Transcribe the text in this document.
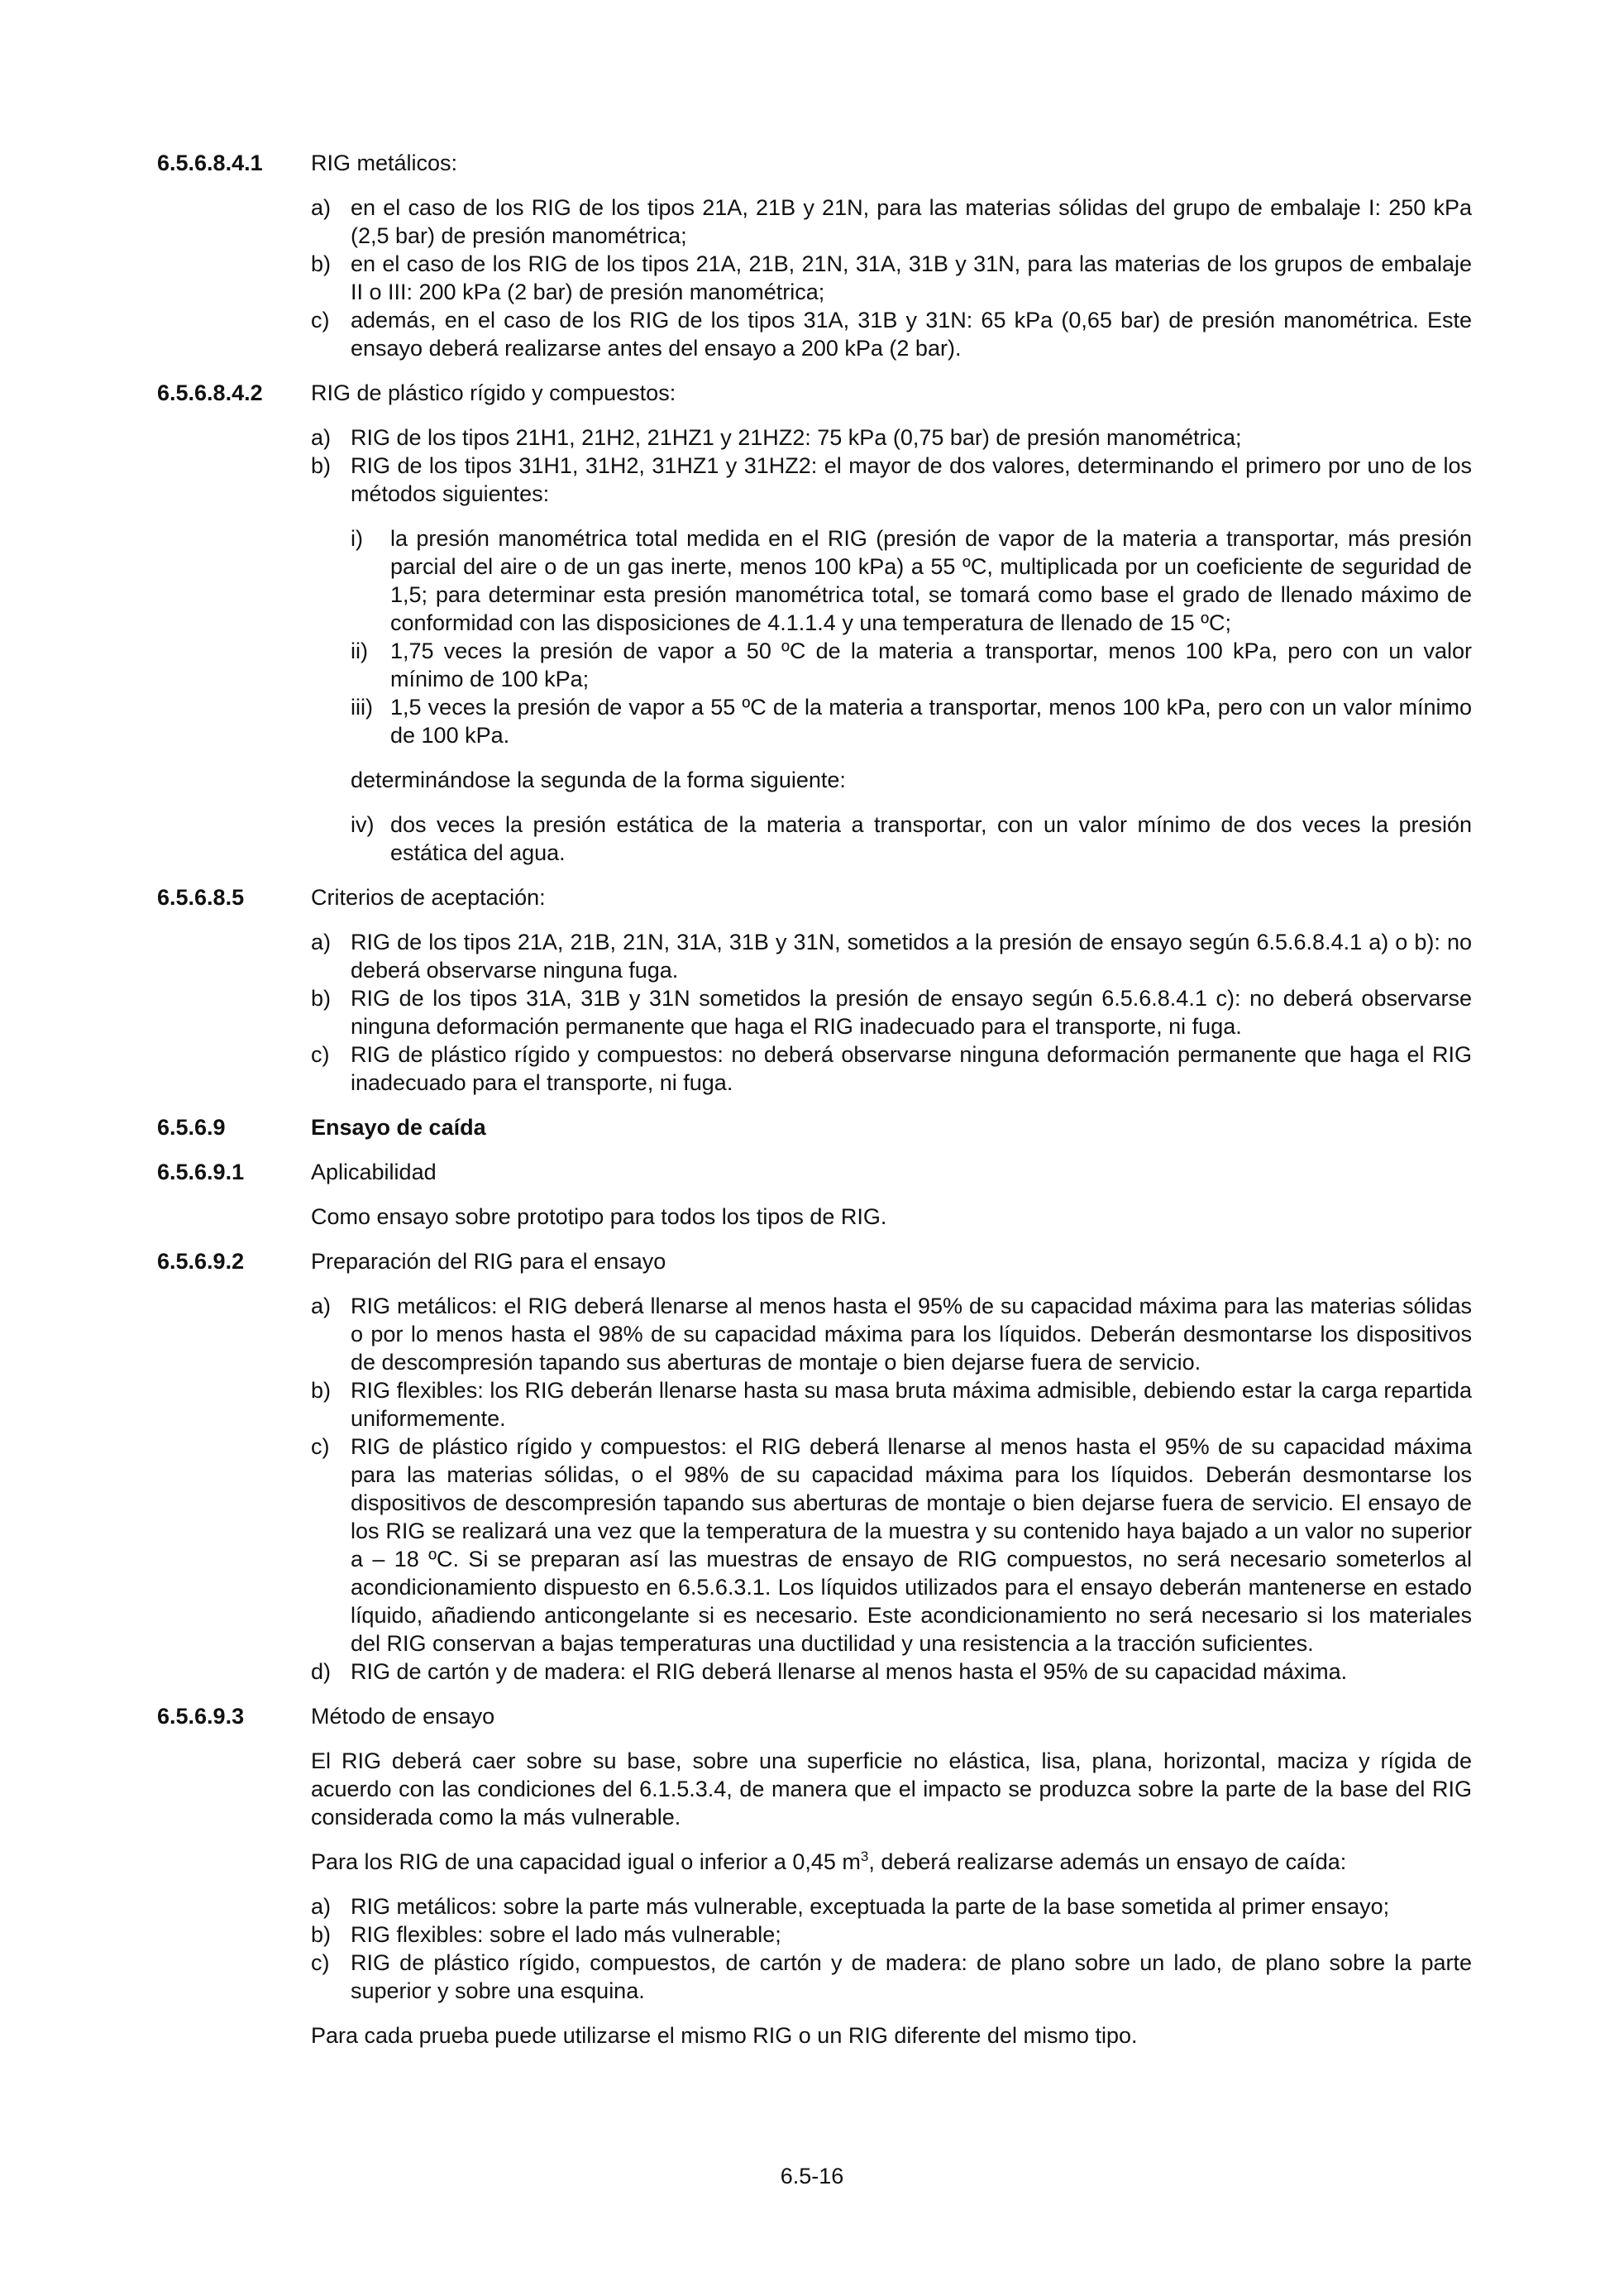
6.5.6.8.4.1	RIG metálicos:
a) en el caso de los RIG de los tipos 21A, 21B y 21N, para las materias sólidas del grupo de embalaje I: 250 kPa (2,5 bar) de presión manométrica;
b) en el caso de los RIG de los tipos 21A, 21B, 21N, 31A, 31B y 31N, para las materias de los grupos de embalaje II o III: 200 kPa (2 bar) de presión manométrica;
c) además, en el caso de los RIG de los tipos 31A, 31B y 31N: 65 kPa (0,65 bar) de presión manométrica. Este ensayo deberá realizarse antes del ensayo a 200 kPa (2 bar).
6.5.6.8.4.2	RIG de plástico rígido y compuestos:
a) RIG de los tipos 21H1, 21H2, 21HZ1 y 21HZ2: 75 kPa (0,75 bar) de presión manométrica;
b) RIG de los tipos 31H1, 31H2, 31HZ1 y 31HZ2: el mayor de dos valores, determinando el primero por uno de los métodos siguientes:
i)	la presión manométrica total medida en el RIG (presión de vapor de la materia a transportar, más presión parcial del aire o de un gas inerte, menos 100 kPa) a 55 ºC, multiplicada por un coeficiente de seguridad de 1,5; para determinar esta presión manométrica total, se tomará como base el grado de llenado máximo de conformidad con las disposiciones de 4.1.1.4 y una temperatura de llenado de 15 ºC;
ii)	1,75 veces la presión de vapor a 50 ºC de la materia a transportar, menos 100 kPa, pero con un valor mínimo de 100 kPa;
iii) 1,5 veces la presión de vapor a 55 ºC de la materia a transportar, menos 100 kPa, pero con un valor mínimo de 100 kPa.
determinándose la segunda de la forma siguiente:
iv) dos veces la presión estática de la materia a transportar, con un valor mínimo de dos veces la presión estática del agua.
6.5.6.8.5	Criterios de aceptación:
a) RIG de los tipos 21A, 21B, 21N, 31A, 31B y 31N, sometidos a la presión de ensayo según 6.5.6.8.4.1 a) o b): no deberá observarse ninguna fuga.
b) RIG de los tipos 31A, 31B y 31N sometidos la presión de ensayo según 6.5.6.8.4.1 c): no deberá observarse ninguna deformación permanente que haga el RIG inadecuado para el transporte, ni fuga.
c) RIG de plástico rígido y compuestos: no deberá observarse ninguna deformación permanente que haga el RIG inadecuado para el transporte, ni fuga.
6.5.6.9	Ensayo de caída
6.5.6.9.1	Aplicabilidad
Como ensayo sobre prototipo para todos los tipos de RIG.
6.5.6.9.2	Preparación del RIG para el ensayo
a) RIG metálicos: el RIG deberá llenarse al menos hasta el 95% de su capacidad máxima para las materias sólidas o por lo menos hasta el 98% de su capacidad máxima para los líquidos. Deberán desmontarse los dispositivos de descompresión tapando sus aberturas de montaje o bien dejarse fuera de servicio.
b) RIG flexibles: los RIG deberán llenarse hasta su masa bruta máxima admisible, debiendo estar la carga repartida uniformemente.
c) RIG de plástico rígido y compuestos: el RIG deberá llenarse al menos hasta el 95% de su capacidad máxima para las materias sólidas, o el 98% de su capacidad máxima para los líquidos. Deberán desmontarse los dispositivos de descompresión tapando sus aberturas de montaje o bien dejarse fuera de servicio. El ensayo de los RIG se realizará una vez que la temperatura de la muestra y su contenido haya bajado a un valor no superior a – 18 ºC. Si se preparan así las muestras de ensayo de RIG compuestos, no será necesario someterlos al acondicionamiento dispuesto en 6.5.6.3.1. Los líquidos utilizados para el ensayo deberán mantenerse en estado líquido, añadiendo anticongelante si es necesario. Este acondicionamiento no será necesario si los materiales del RIG conservan a bajas temperaturas una ductilidad y una resistencia a la tracción suficientes.
d) RIG de cartón y de madera: el RIG deberá llenarse al menos hasta el 95% de su capacidad máxima.
6.5.6.9.3	Método de ensayo
El RIG deberá caer sobre su base, sobre una superficie no elástica, lisa, plana, horizontal, maciza y rígida de acuerdo con las condiciones del 6.1.5.3.4, de manera que el impacto se produzca sobre la parte de la base del RIG considerada como la más vulnerable.
Para los RIG de una capacidad igual o inferior a 0,45 $m^3$, deberá realizarse además un ensayo de caída:
a) RIG metálicos: sobre la parte más vulnerable, exceptuada la parte de la base sometida al primer ensayo;
b) RIG flexibles: sobre el lado más vulnerable;
c) RIG de plástico rígido, compuestos, de cartón y de madera: de plano sobre un lado, de plano sobre la parte superior y sobre una esquina.
Para cada prueba puede utilizarse el mismo RIG o un RIG diferente del mismo tipo.
6.5-16
